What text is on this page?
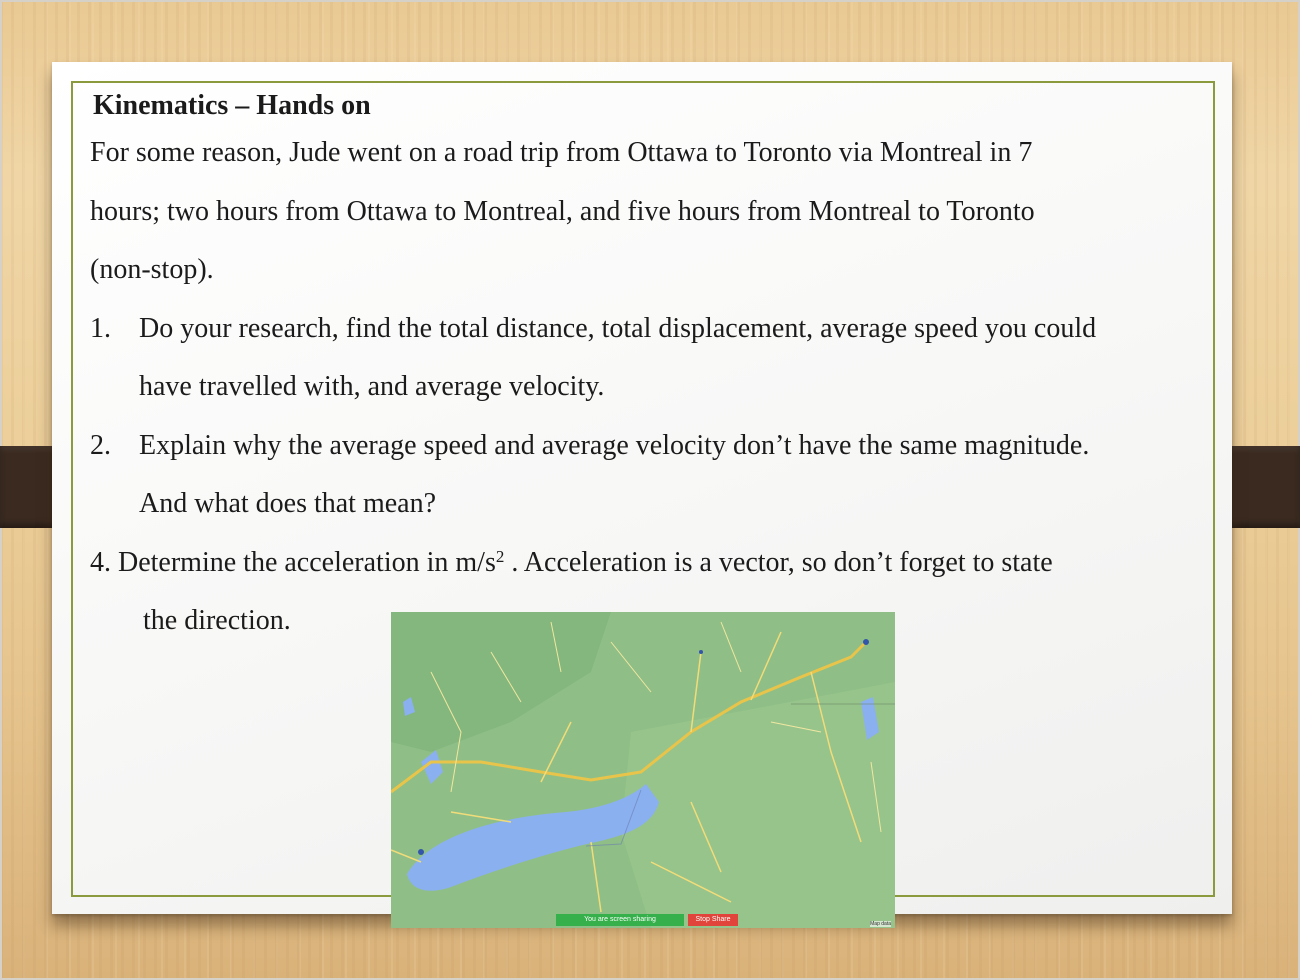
Kinematics – Hands on

For some reason, Jude went on a road trip from Ottawa to Toronto via Montreal in 7

hours; two hours from Ottawa to Montreal, and five hours from Montreal to Toronto

(non-stop).

1. Do your research, find the total distance, total displacement, average speed you could
have travelled with, and average velocity.
2. Explain why the average speed and average velocity don’t have the same magnitude.
And what does that mean?
4. Determine the acceleration in $m/s^2$ . Acceleration is a vector, so don’t forget to state
the direction.
You are screen sharing	Stop Share
Map data
